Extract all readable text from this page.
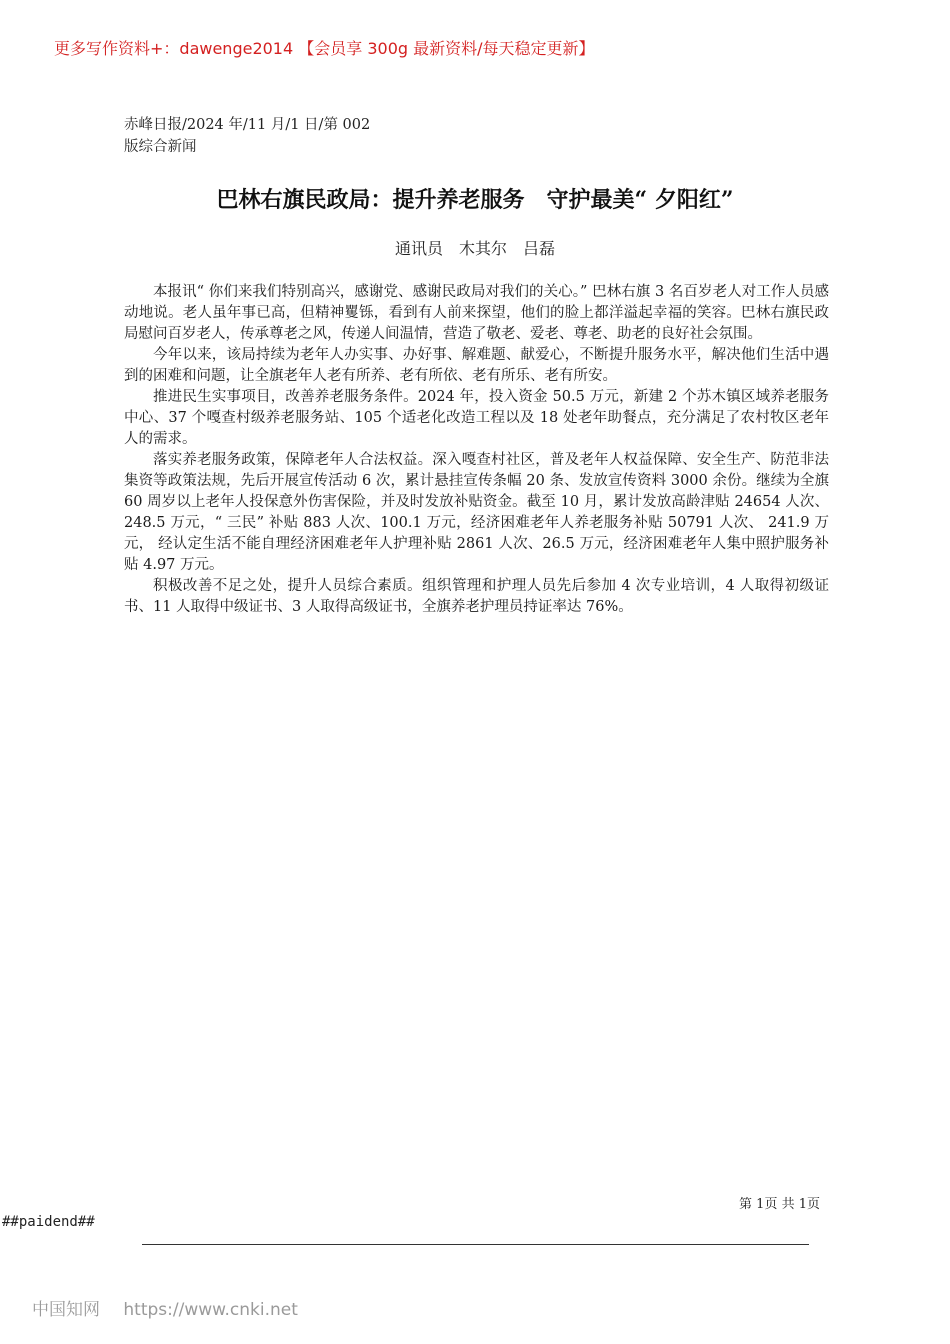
更多写作资料+：dawenge2014 【会员享 300g 最新资料/每天稳定更新】
赤峰日报/2024 年/11 月/1 日/第 002
版综合新闻
巴林右旗民政局：提升养老服务　守护最美“ 夕阳红”
通讯员　木其尔　吕磊

本报讯“ 你们来我们特别高兴，感谢党、感谢民政局对我们的关心。” 巴林右旗 3 名百岁老人对工作人员感动地说。老人虽年事已高，但精神矍铄，看到有人前来探望，他们的脸上都洋溢起幸福的笑容。巴林右旗民政局慰问百岁老人，传承尊老之风，传递人间温情，营造了敬老、爱老、尊老、助老的良好社会氛围。

今年以来，该局持续为老年人办实事、办好事、解难题、献爱心，不断提升服务水平，解决他们生活中遇到的困难和问题，让全旗老年人老有所养、老有所依、老有所乐、老有所安。

推进民生实事项目，改善养老服务条件。2024 年，投入资金 50.5 万元，新建 2 个苏木镇区域养老服务中心、37 个嘎查村级养老服务站、105 个适老化改造工程以及 18 处老年助餐点，充分满足了农村牧区老年人的需求。

落实养老服务政策，保障老年人合法权益。深入嘎查村社区，普及老年人权益保障、安全生产、防范非法集资等政策法规，先后开展宣传活动 6 次，累计悬挂宣传条幅 20 条、发放宣传资料 3000 余份。继续为全旗 60 周岁以上老年人投保意外伤害保险，并及时发放补贴资金。截至 10 月，累计发放高龄津贴 24654 人次、248.5 万元，“ 三民” 补贴 883 人次、100.1 万元，经济困难老年人养老服务补贴 50791 人次、 241.9 万元， 经认定生活不能自理经济困难老年人护理补贴 2861 人次、26.5 万元，经济困难老年人集中照护服务补贴 4.97 万元。

积极改善不足之处，提升人员综合素质。组织管理和护理人员先后参加 4 次专业培训，4 人取得初级证书、11 人取得中级证书、3 人取得高级证书，全旗养老护理员持证率达 76%。

第 1页 共 1页
##paidend##
中国知网 https://www.cnki.net
